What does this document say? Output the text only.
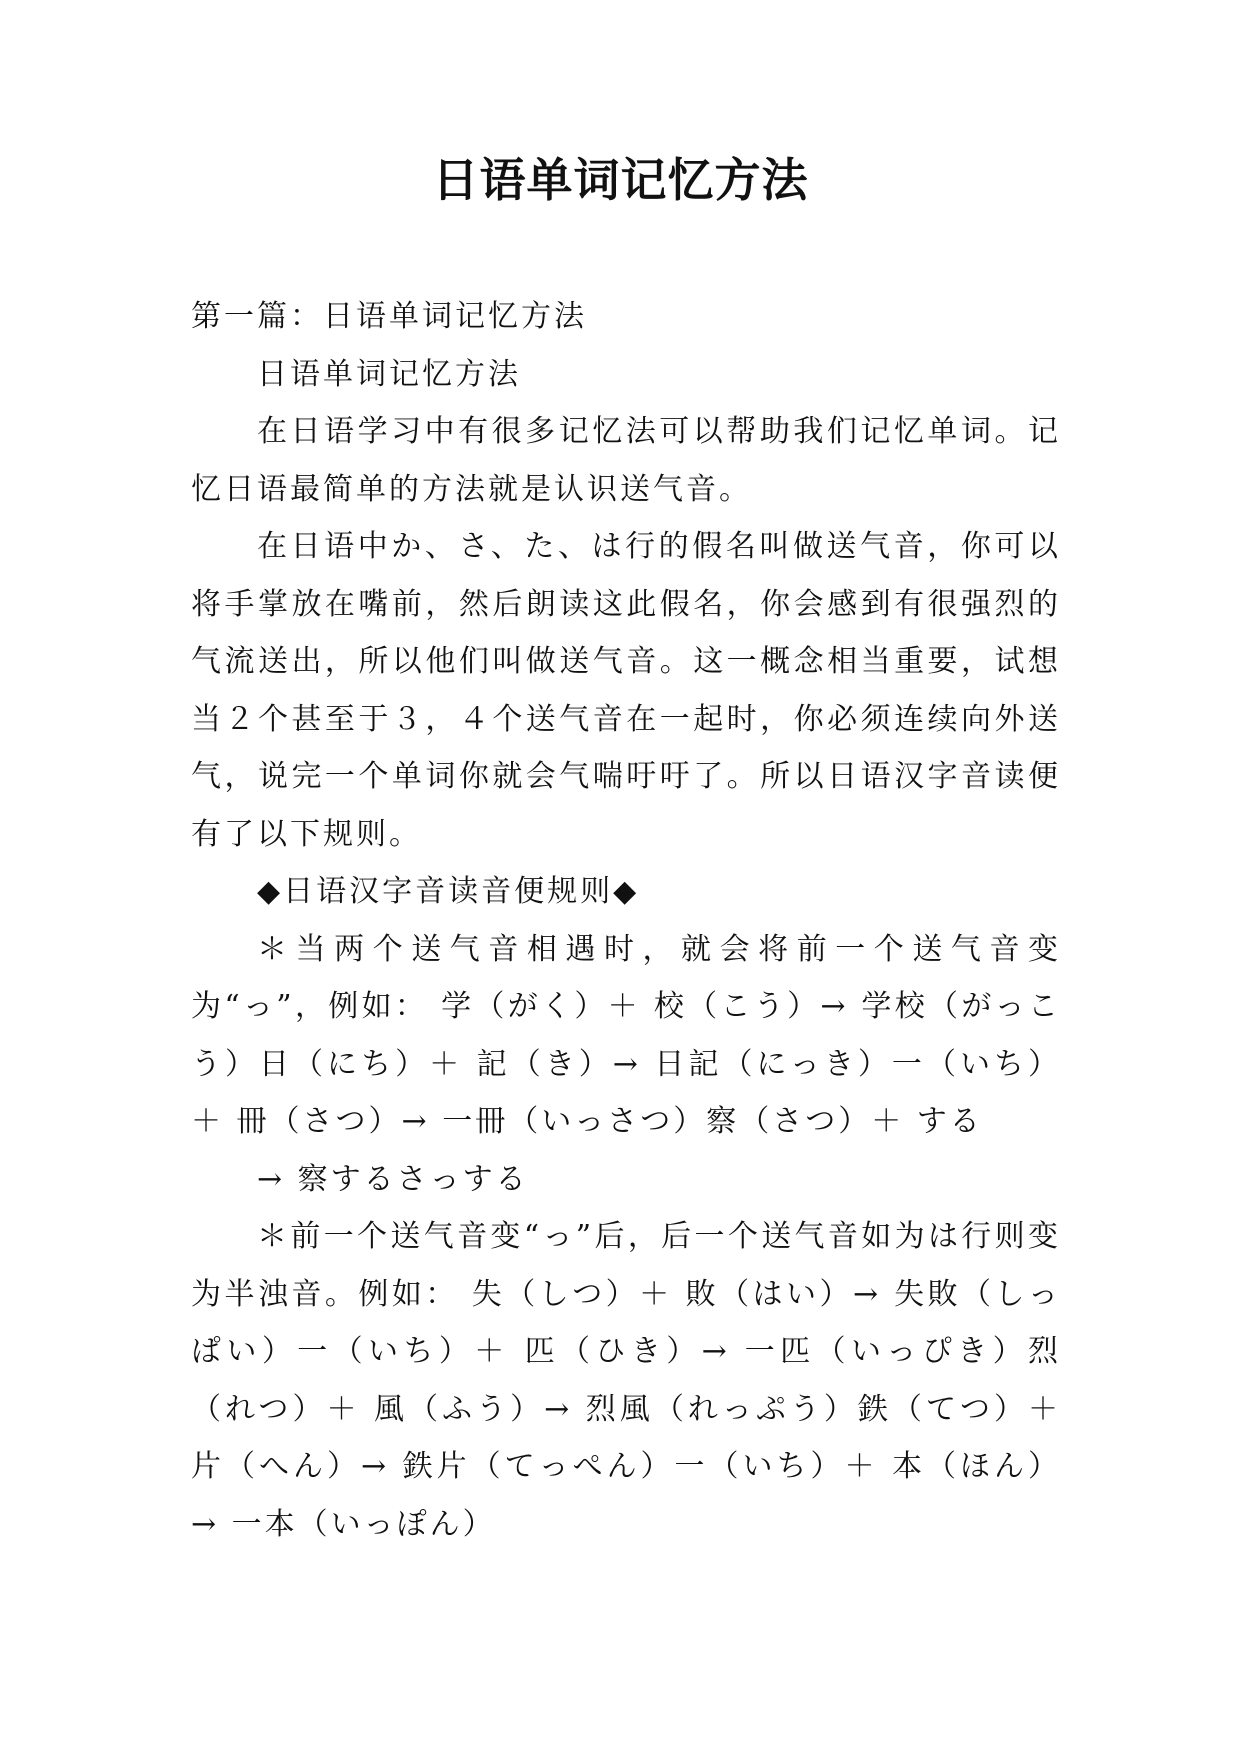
日语单词记忆方法

第一篇：日语单词记忆方法

日语单词记忆方法

在日语学习中有很多记忆法可以帮助我们记忆单词。记忆日语最简单的方法就是认识送气音。

在日语中か、さ、た、は行的假名叫做送气音，你可以将手掌放在嘴前，然后朗读这此假名，你会感到有很强烈的气流送出，所以他们叫做送气音。这一概念相当重要，试想当２个甚至于３，４个送气音在一起时，你必须连续向外送气，说完一个单词你就会气喘吁吁了。所以日语汉字音读便有了以下规则。

◆日语汉字音读音便规则◆

＊当两个送气音相遇时，就会将前一个送气音变为“っ”，例如： 学（がく）＋ 校（こう）→ 学校（がっこう）日（にち）＋ 記（き）→ 日記（にっき）一（いち）＋ 冊（さつ）→ 一冊（いっさつ）察（さつ）＋ する

→ 察するさっする

＊前一个送气音变“っ”后，后一个送气音如为は行则变为半浊音。例如： 失（しつ）＋ 敗（はい）→ 失敗（しっぱい）一（いち）＋ 匹（ひき）→ 一匹（いっぴき）烈（れつ）＋ 風（ふう）→ 烈風（れっぷう）鉄（てつ）＋ 片（へん）→ 鉄片（てっぺん）一（いち）＋ 本（ほん）→ 一本（いっぽん）
